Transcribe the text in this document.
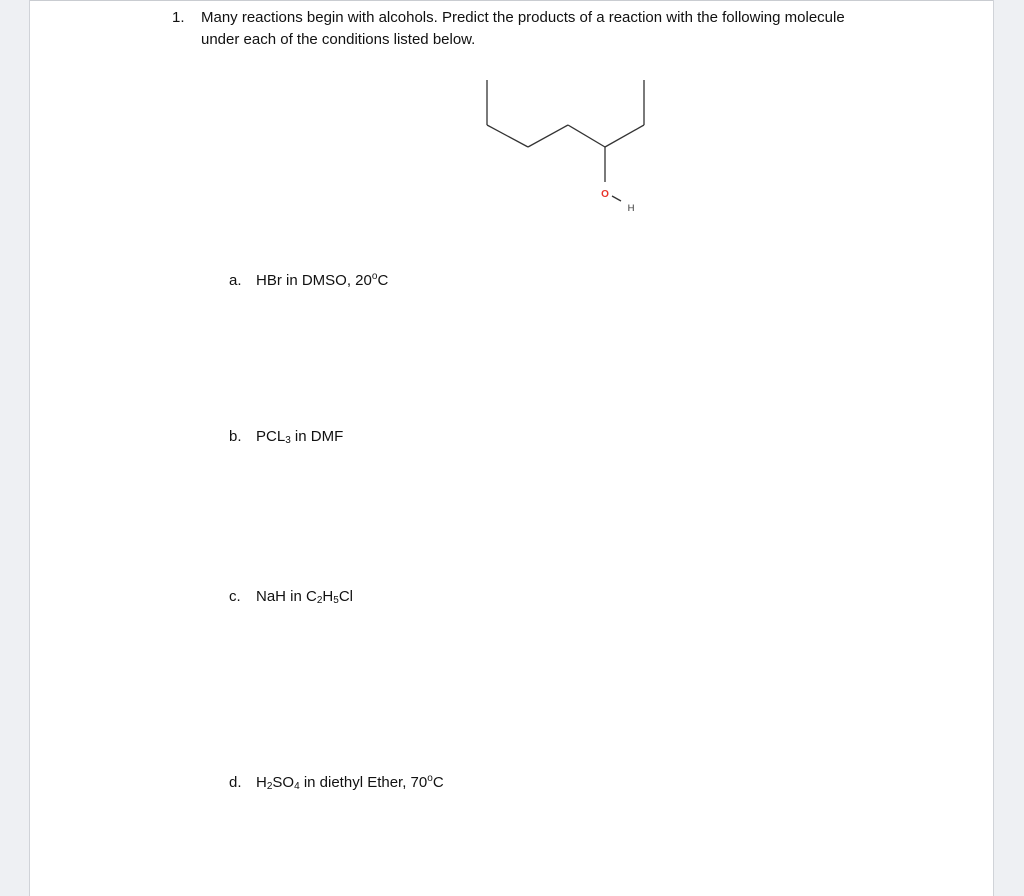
1. Many reactions begin with alcohols. Predict the products of a reaction with the following molecule under each of the conditions listed below.
O
H
a. HBr in DMSO, 20$^o$C
b. $PCL_3$ in DMF
c. NaH in $C_2H_5Cl$
d. $H_2SO_4$ in diethyl Ether, 70$^o$C
